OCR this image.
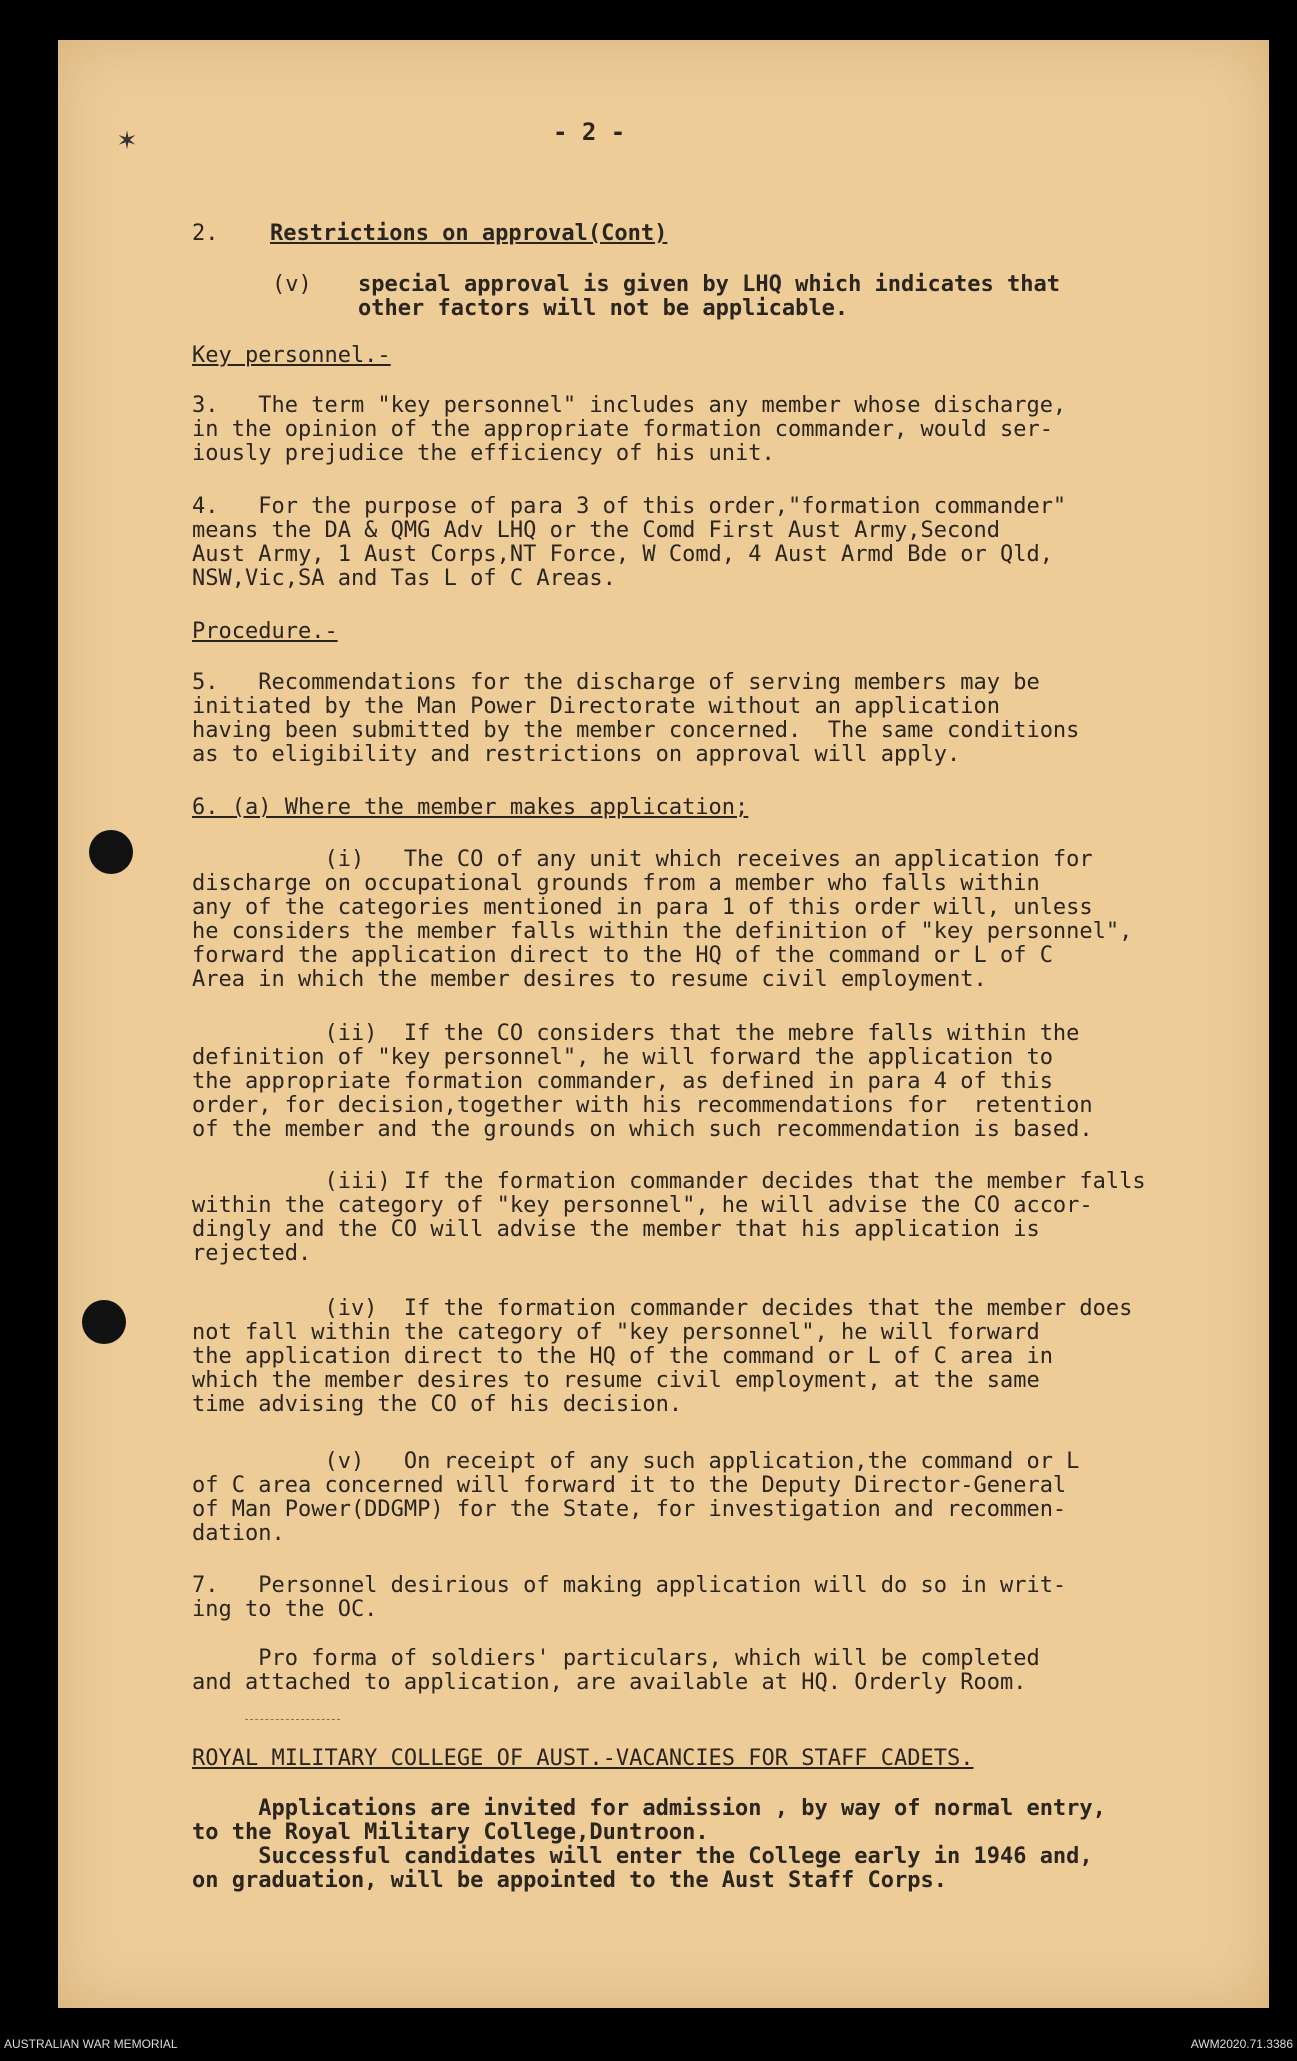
✶	- 2 -
2. Restrictions on approval(Cont)
(v) special approval is given by LHQ which indicates that
other factors will not be applicable.
Key personnel.-
3.   The term "key personnel" includes any member whose discharge,
in the opinion of the appropriate formation commander, would ser-
iously prejudice the efficiency of his unit.
4.   For the purpose of para 3 of this order,"formation commander"
means the DA & QMG Adv LHQ or the Comd First Aust Army,Second
Aust Army, 1 Aust Corps,NT Force, W Comd, 4 Aust Armd Bde or Qld,
NSW,Vic,SA and Tas L of C Areas.
Procedure.-
5.   Recommendations for the discharge of serving members may be
initiated by the Man Power Directorate without an application
having been submitted by the member concerned.  The same conditions
as to eligibility and restrictions on approval will apply.
6. (a) Where the member makes application;
(i)   The CO of any unit which receives an application for
discharge on occupational grounds from a member who falls within
any of the categories mentioned in para 1 of this order will, unless
he considers the member falls within the definition of "key personnel",
forward the application direct to the HQ of the command or L of C
Area in which the member desires to resume civil employment.
(ii)  If the CO considers that the mebre falls within the
definition of "key personnel", he will forward the application to
the appropriate formation commander, as defined in para 4 of this
order, for decision,together with his recommendations for  retention
of the member and the grounds on which such recommendation is based.
(iii) If the formation commander decides that the member falls
within the category of "key personnel", he will advise the CO accor-
dingly and the CO will advise the member that his application is
rejected.
(iv)  If the formation commander decides that the member does
not fall within the category of "key personnel", he will forward
the application direct to the HQ of the command or L of C area in
which the member desires to resume civil employment, at the same
time advising the CO of his decision.
(v)   On receipt of any such application,the command or L
of C area concerned will forward it to the Deputy Director-General
of Man Power(DDGMP) for the State, for investigation and recommen-
dation.
7.   Personnel desirious of making application will do so in writ-
ing to the OC.
Pro forma of soldiers' particulars, which will be completed
and attached to application, are available at HQ. Orderly Room.
ROYAL MILITARY COLLEGE OF AUST.-VACANCIES FOR STAFF CADETS.
Applications are invited for admission , by way of normal entry,
to the Royal Military College,Duntroon.
Successful candidates will enter the College early in 1946 and,
on graduation, will be appointed to the Aust Staff Corps.
AUSTRALIAN WAR MEMORIAL	AWM2020.71.3386
